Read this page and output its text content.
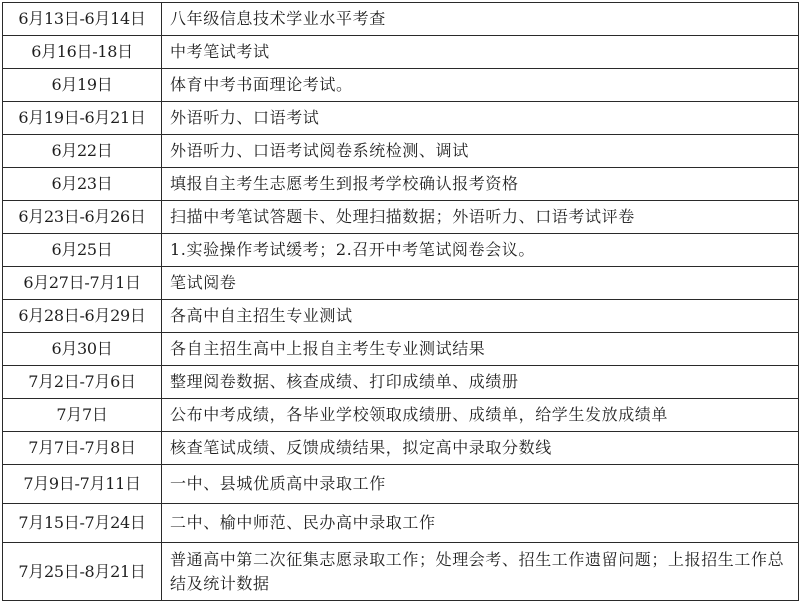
6月13日-6月14日	八年级信息技术学业水平考查
6月16日-18日	中考笔试考试
6月19日	体育中考书面理论考试。
6月19日-6月21日	外语听力、口语考试
6月22日	外语听力、口语考试阅卷系统检测、调试
6月23日	填报自主考生志愿考生到报考学校确认报考资格
6月23日-6月26日	扫描中考笔试答题卡、处理扫描数据；外语听力、口语考试评卷
6月25日	1.实验操作考试缓考；2.召开中考笔试阅卷会议。
6月27日-7月1日	笔试阅卷
6月28日-6月29日	各高中自主招生专业测试
6月30日	各自主招生高中上报自主考生专业测试结果
7月2日-7月6日	整理阅卷数据、核查成绩、打印成绩单、成绩册
7月7日	公布中考成绩，各毕业学校领取成绩册、成绩单，给学生发放成绩单
7月7日-7月8日	核查笔试成绩、反馈成绩结果，拟定高中录取分数线
7月9日-7月11日	一中、县城优质高中录取工作
7月15日-7月24日	二中、榆中师范、民办高中录取工作
7月25日-8月21日	普通高中第二次征集志愿录取工作；处理会考、招生工作遗留问题；上报招生工作总结及统计数据
